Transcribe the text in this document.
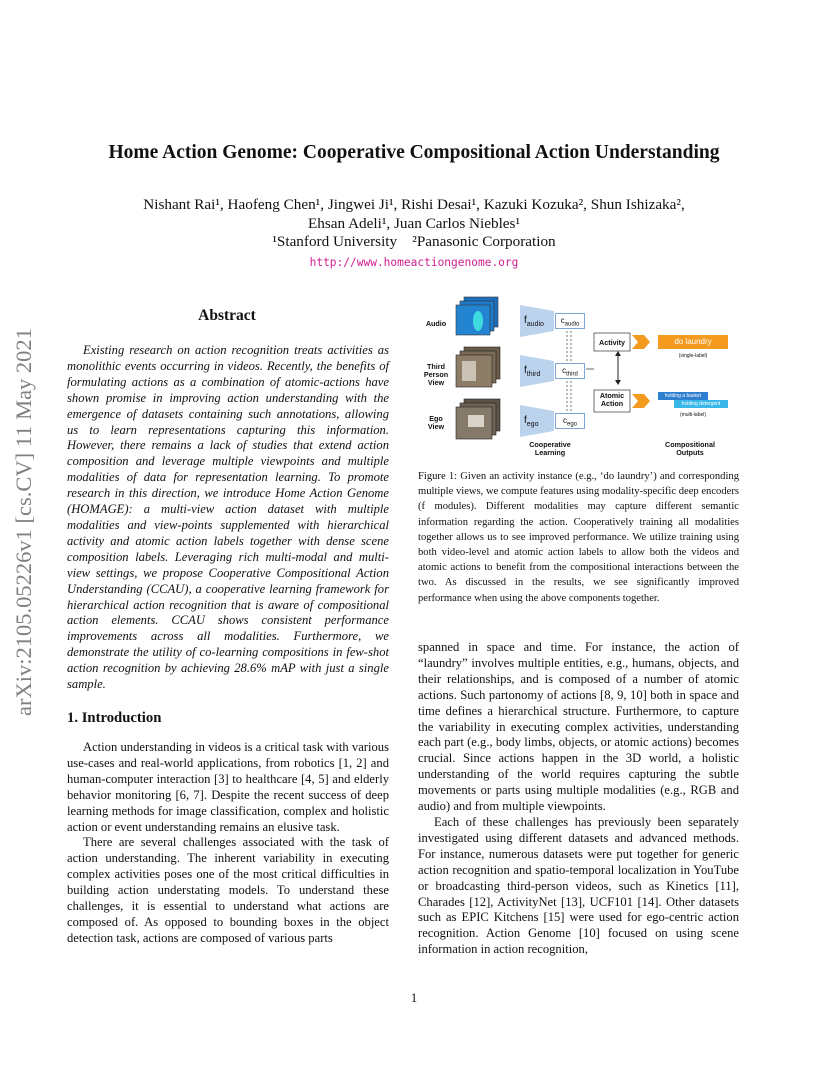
arXiv:2105.05226v1 [cs.CV] 11 May 2021
Home Action Genome: Cooperative Compositional Action Understanding
Nishant Rai¹, Haofeng Chen¹, Jingwei Ji¹, Rishi Desai¹, Kazuki Kozuka², Shun Ishizaka²,
Ehsan Adeli¹, Juan Carlos Niebles¹
¹Stanford University    ²Panasonic Corporation
http://www.homeactiongenome.org
Abstract
Existing research on action recognition treats activities as monolithic events occurring in videos. Recently, the benefits of formulating actions as a combination of atomic-actions have shown promise in improving action understanding with the emergence of datasets containing such annotations, allowing us to learn representations capturing this information. However, there remains a lack of studies that extend action composition and leverage multiple viewpoints and multiple modalities of data for representation learning. To promote research in this direction, we introduce Home Action Genome (HOMAGE): a multi-view action dataset with multiple modalities and view-points supplemented with hierarchical activity and atomic action labels together with dense scene composition labels. Leveraging rich multi-modal and multi-view settings, we propose Cooperative Compositional Action Understanding (CCAU), a cooperative learning framework for hierarchical action recognition that is aware of compositional action elements. CCAU shows consistent performance improvements across all modalities. Furthermore, we demonstrate the utility of co-learning compositions in few-shot action recognition by achieving 28.6% mAP with just a single sample.
1. Introduction

Action understanding in videos is a critical task with various use-cases and real-world applications, from robotics [1, 2] and human-computer interaction [3] to healthcare [4, 5] and elderly behavior monitoring [6, 7]. Despite the recent success of deep learning methods for image classification, complex and holistic action or event understanding remains an elusive task.

There are several challenges associated with the task of action understanding. The inherent variability in executing complex activities poses one of the most critical difficulties in building action understating models. To understand these challenges, it is essential to understand what actions are composed of. As opposed to bounding boxes in the object detection task, actions are composed of various parts

Audio
Third
Person
View
Ego
View
$f_{audio}$
$f_{third}$
$f_{ego}$
$c_{audio}$
$c_{third}$
$c_{ego}$
Activity
Atomic
Action
do laundry
(single-label)
holding a basket
holding detergent
(multi-label)
Cooperative
Learning
Compositional
Outputs
Figure 1: Given an activity instance (e.g., ‘do laundry’) and corresponding multiple views, we compute features using modality-specific deep encoders (f modules). Different modalities may capture different semantic information regarding the action. Cooperatively training all modalities together allows us to see improved performance. We utilize training using both video-level and atomic action labels to allow both the videos and atomic actions to benefit from the compositional interactions between the two. As discussed in the results, we see significantly improved performance when using the above components together.

spanned in space and time. For instance, the action of “laundry” involves multiple entities, e.g., humans, objects, and their relationships, and is composed of a number of atomic actions. Such partonomy of actions [8, 9, 10] both in space and time defines a hierarchical structure. Furthermore, to capture the variability in executing complex activities, understanding each part (e.g., body limbs, objects, or atomic actions) becomes crucial. Since actions happen in the 3D world, a holistic understanding of the world requires capturing the subtle movements or parts using multiple modalities (e.g., RGB and audio) and from multiple viewpoints.

Each of these challenges has previously been separately investigated using different datasets and advanced methods. For instance, numerous datasets were put together for generic action recognition and spatio-temporal localization in YouTube or broadcasting third-person videos, such as Kinetics [11], Charades [12], ActivityNet [13], UCF101 [14]. Other datasets such as EPIC Kitchens [15] were used for ego-centric action recognition. Action Genome [10] focused on using scene information in action recognition,

1
